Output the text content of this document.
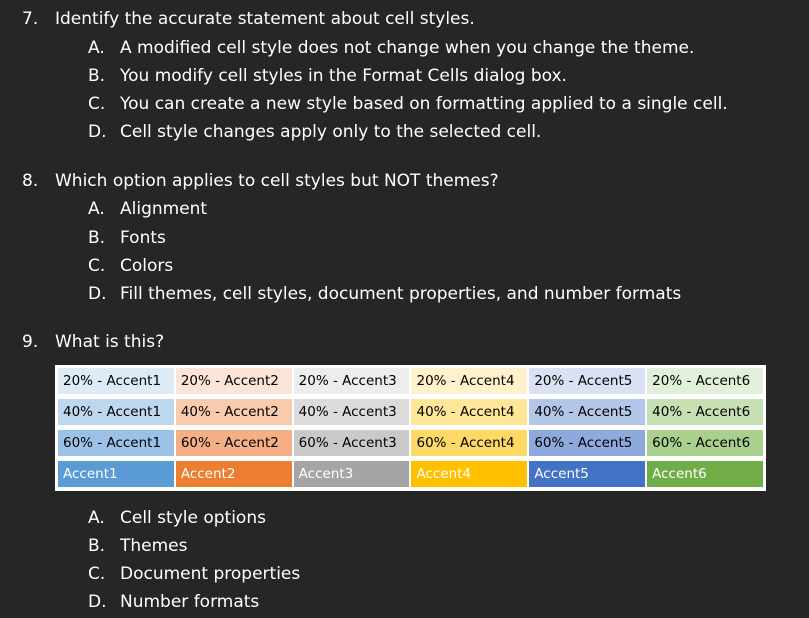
7. Identify the accurate statement about cell styles.
A. A modified cell style does not change when you change the theme.
B. You modify cell styles in the Format Cells dialog box.
C. You can create a new style based on formatting applied to a single cell.
D. Cell style changes apply only to the selected cell.
8. Which option applies to cell styles but NOT themes?
A. Alignment
B. Fonts
C. Colors
D. Fill themes, cell styles, document properties, and number formats
9. What is this?
20% - Accent1	20% - Accent2	20% - Accent3	20% - Accent4	20% - Accent5	20% - Accent6
40% - Accent1	40% - Accent2	40% - Accent3	40% - Accent4	40% - Accent5	40% - Accent6
60% - Accent1	60% - Accent2	60% - Accent3	60% - Accent4	60% - Accent5	60% - Accent6
Accent1	Accent2	Accent3	Accent4	Accent5	Accent6
A. Cell style options
B. Themes
C. Document properties
D. Number formats
